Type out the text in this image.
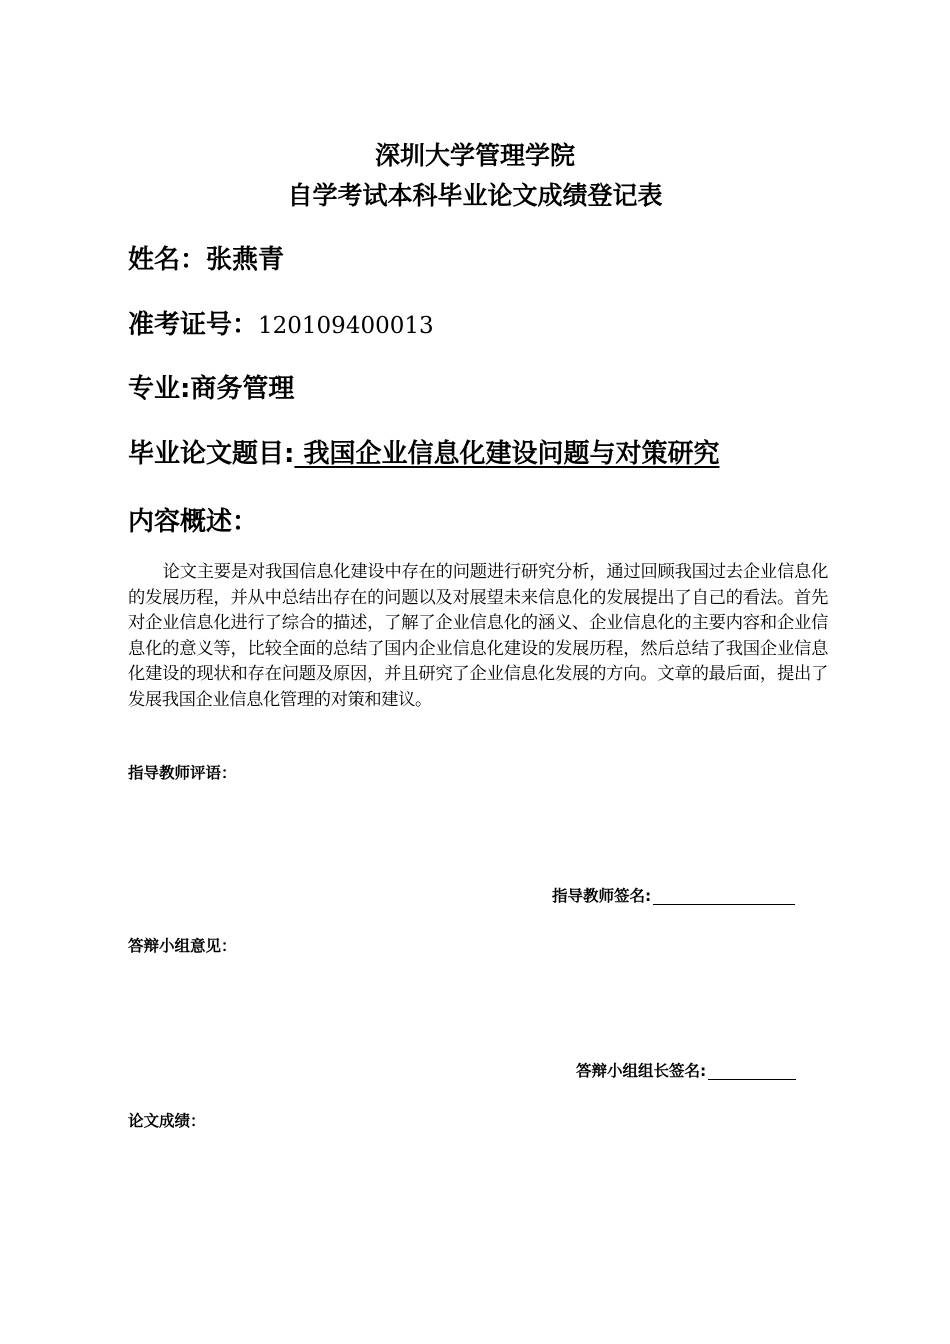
深圳大学管理学院
自学考试本科毕业论文成绩登记表
姓名：张燕青
准考证号：120109400013
专业:商务管理
毕业论文题目: 我国企业信息化建设问题与对策研究
内容概述：

论文主要是对我国信息化建设中存在的问题进行研究分析，通过回顾我国过去企业信息化的发展历程，并从中总结出存在的问题以及对展望未来信息化的发展提出了自己的看法。首先对企业信息化进行了综合的描述，了解了企业信息化的涵义、企业信息化的主要内容和企业信息化的意义等，比较全面的总结了国内企业信息化建设的发展历程，然后总结了我国企业信息化建设的现状和存在问题及原因，并且研究了企业信息化发展的方向。文章的最后面，提出了发展我国企业信息化管理的对策和建议。

指导教师评语：
指导教师签名:
答辩小组意见：
答辩小组组长签名:
论文成绩：
